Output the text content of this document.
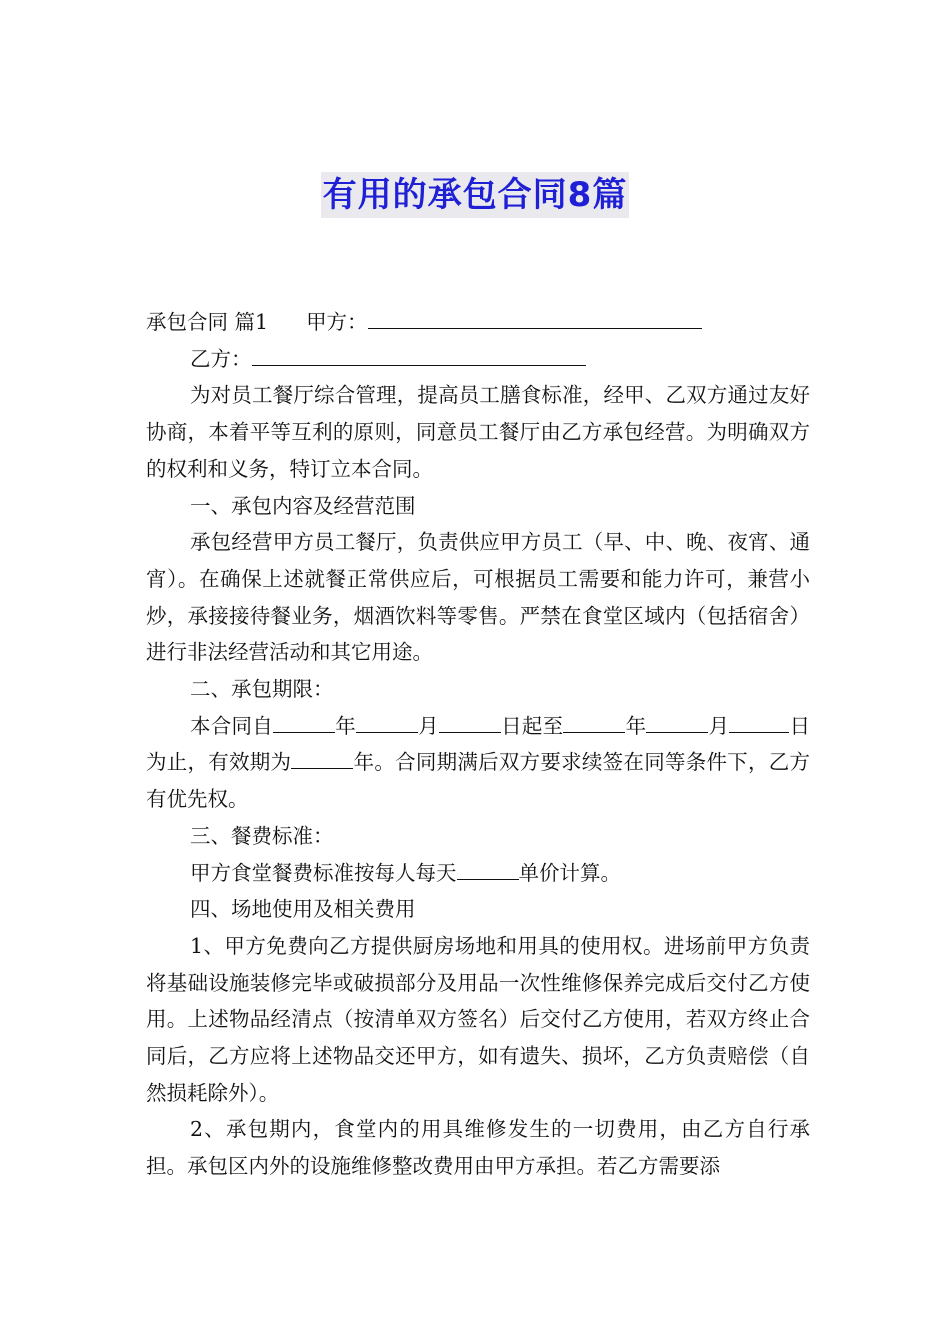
有用的承包合同8篇
承包合同 篇1 甲方：
乙方：

为对员工餐厅综合管理，提高员工膳食标准，经甲、乙双方通过友好协商，本着平等互利的原则，同意员工餐厅由乙方承包经营。为明确双方的权利和义务，特订立本合同。

一、承包内容及经营范围

承包经营甲方员工餐厅，负责供应甲方员工（早、中、晚、夜宵、通宵）。在确保上述就餐正常供应后，可根据员工需要和能力许可，兼营小炒，承接接待餐业务，烟酒饮料等零售。严禁在食堂区域内（包括宿舍）进行非法经营活动和其它用途。

二、承包期限：

本合同自	年	月	日起至	年	月	日为止，有效期为	年。合同期满后双方要求续签在同等条件下，乙方有优先权。

三、餐费标准：

甲方食堂餐费标准按每人每天	单价计算。

四、场地使用及相关费用

1、甲方免费向乙方提供厨房场地和用具的使用权。进场前甲方负责将基础设施装修完毕或破损部分及用品一次性维修保养完成后交付乙方使用。上述物品经清点（按清单双方签名）后交付乙方使用，若双方终止合同后，乙方应将上述物品交还甲方，如有遗失、损坏，乙方负责赔偿（自然损耗除外）。

2、承包期内，食堂内的用具维修发生的一切费用，由乙方自行承担。承包区内外的设施维修整改费用由甲方承担。若乙方需要添
